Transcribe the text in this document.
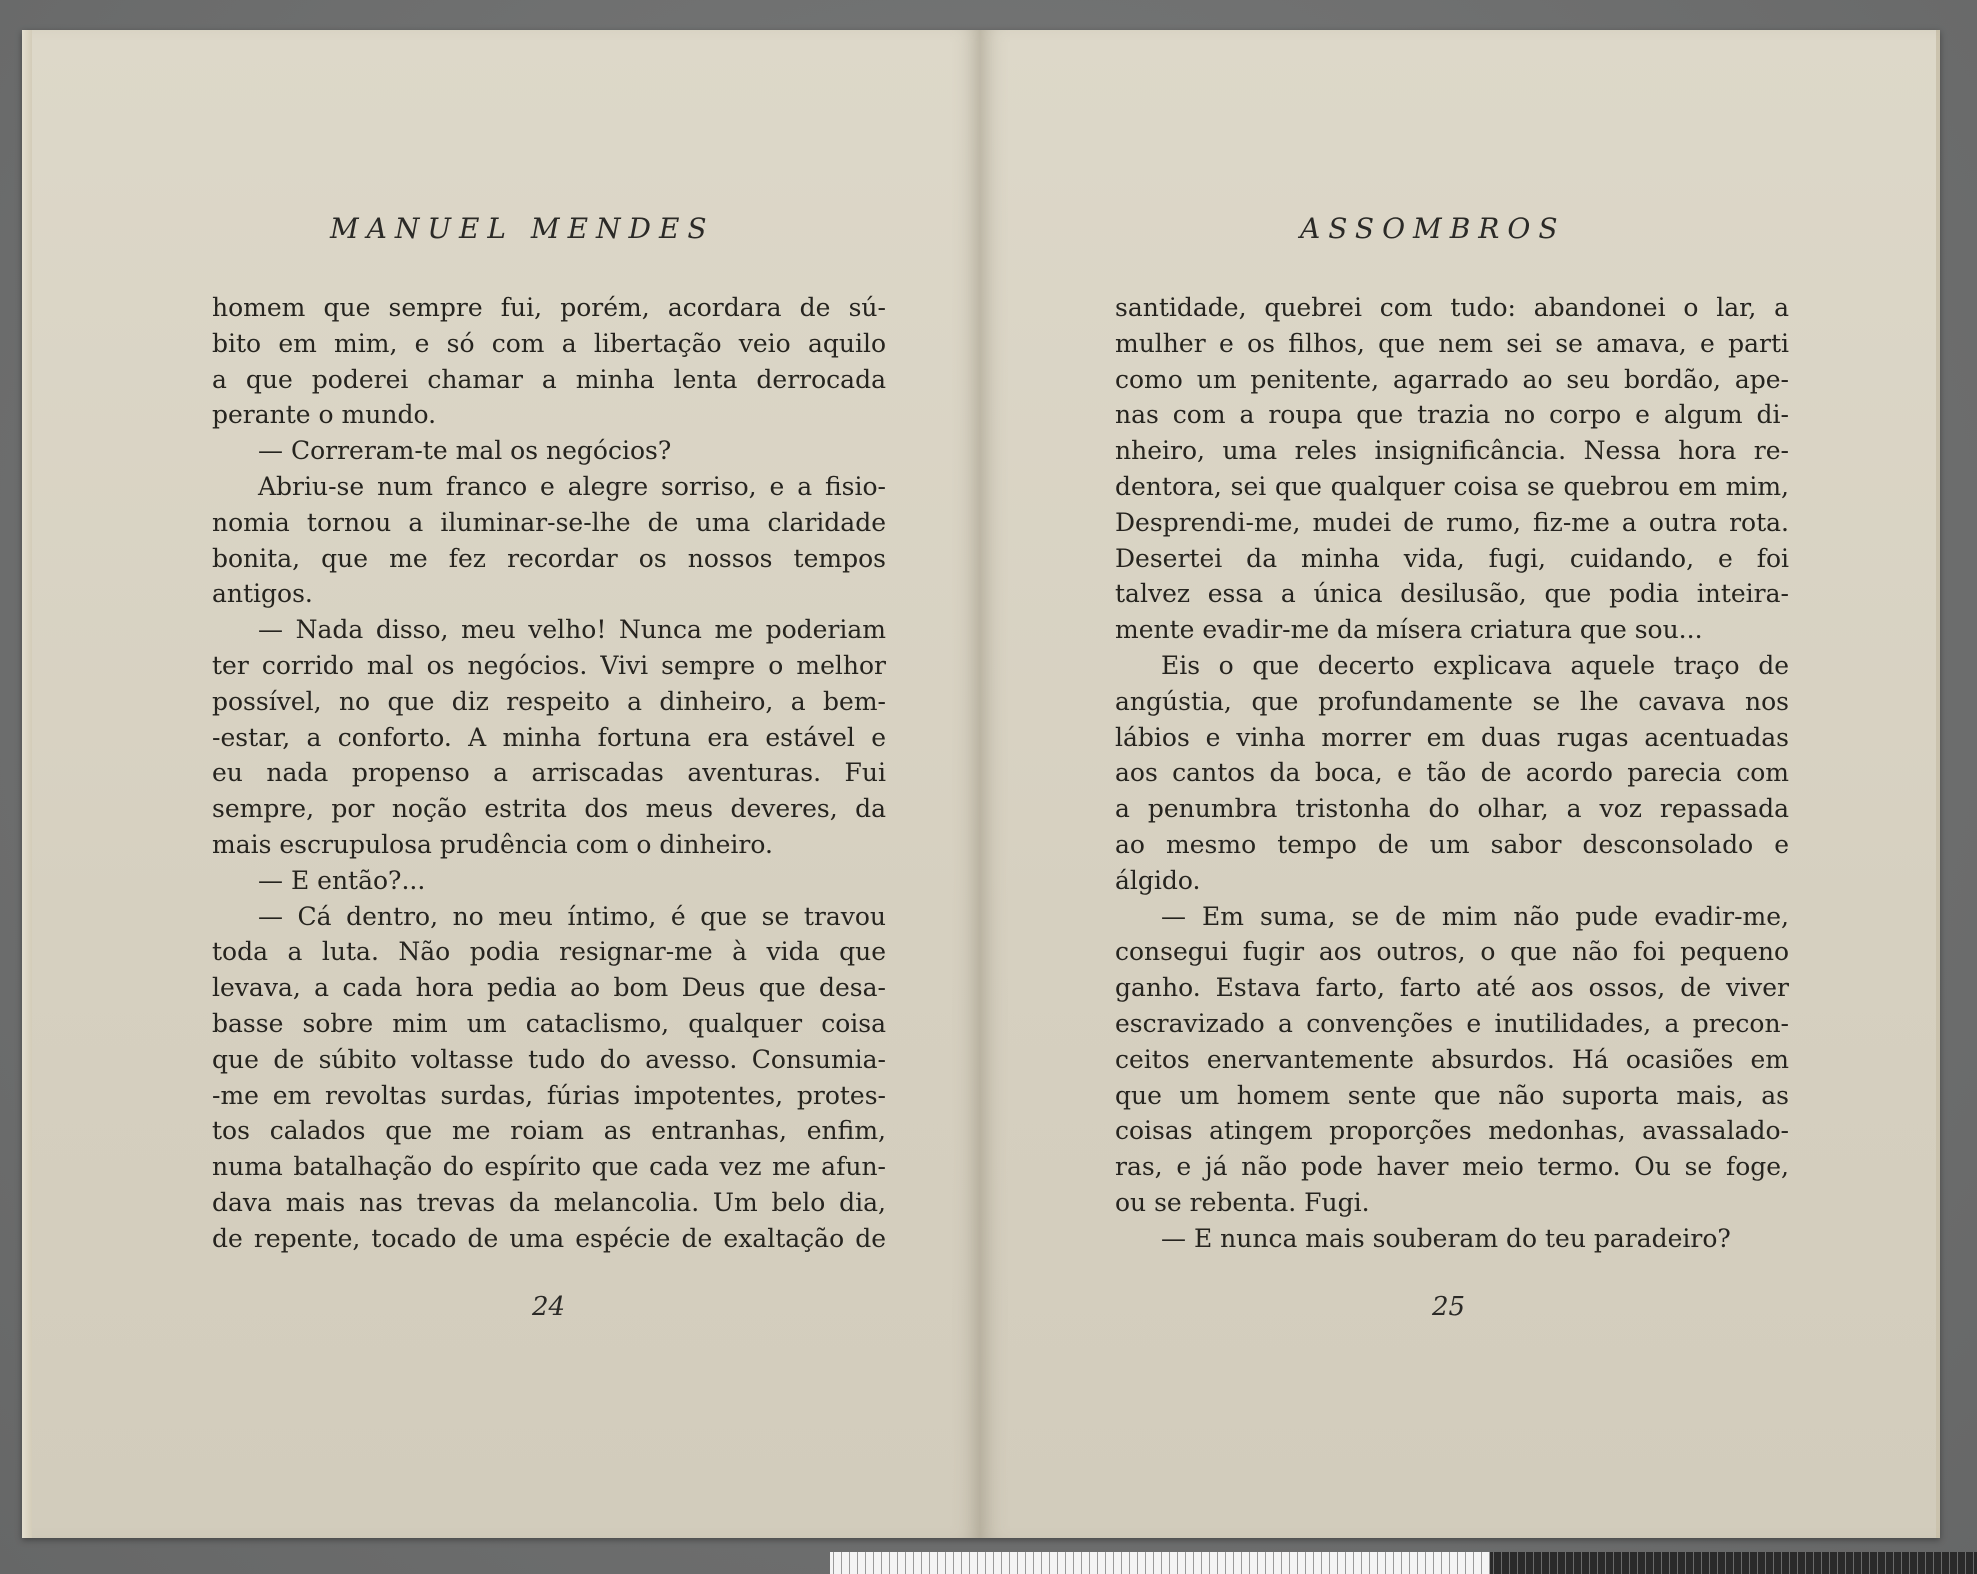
MANUEL MENDES	ASSOMBROS
homem que sempre fui, porém, acordara de sú-
bito em mim, e só com a libertação veio aquilo
a que poderei chamar a minha lenta derrocada
perante o mundo.
— Correram-te mal os negócios?
Abriu-se num franco e alegre sorriso, e a fisio-
nomia tornou a iluminar-se-lhe de uma claridade
bonita, que me fez recordar os nossos tempos
antigos.
— Nada disso, meu velho! Nunca me poderiam
ter corrido mal os negócios. Vivi sempre o melhor
possível, no que diz respeito a dinheiro, a bem-
-estar, a conforto. A minha fortuna era estável e
eu nada propenso a arriscadas aventuras. Fui
sempre, por noção estrita dos meus deveres, da
mais escrupulosa prudência com o dinheiro.
— E então?...
— Cá dentro, no meu íntimo, é que se travou
toda a luta. Não podia resignar-me à vida que
levava, a cada hora pedia ao bom Deus que desa-
basse sobre mim um cataclismo, qualquer coisa
que de súbito voltasse tudo do avesso. Consumia-
-me em revoltas surdas, fúrias impotentes, protes-
tos calados que me roiam as entranhas, enfim,
numa batalhação do espírito que cada vez me afun-
dava mais nas trevas da melancolia. Um belo dia,
de repente, tocado de uma espécie de exaltação de
santidade, quebrei com tudo: abandonei o lar, a
mulher e os filhos, que nem sei se amava, e parti
como um penitente, agarrado ao seu bordão, ape-
nas com a roupa que trazia no corpo e algum di-
nheiro, uma reles insignificância. Nessa hora re-
dentora, sei que qualquer coisa se quebrou em mim,
Desprendi-me, mudei de rumo, fiz-me a outra rota.
Desertei da minha vida, fugi, cuidando, e foi
talvez essa a única desilusão, que podia inteira-
mente evadir-me da mísera criatura que sou...
Eis o que decerto explicava aquele traço de
angústia, que profundamente se lhe cavava nos
lábios e vinha morrer em duas rugas acentuadas
aos cantos da boca, e tão de acordo parecia com
a penumbra tristonha do olhar, a voz repassada
ao mesmo tempo de um sabor desconsolado e
álgido.
— Em suma, se de mim não pude evadir-me,
consegui fugir aos outros, o que não foi pequeno
ganho. Estava farto, farto até aos ossos, de viver
escravizado a convenções e inutilidades, a precon-
ceitos enervantemente absurdos. Há ocasiões em
que um homem sente que não suporta mais, as
coisas atingem proporções medonhas, avassalado-
ras, e já não pode haver meio termo. Ou se foge,
ou se rebenta. Fugi.
— E nunca mais souberam do teu paradeiro?
24	25
